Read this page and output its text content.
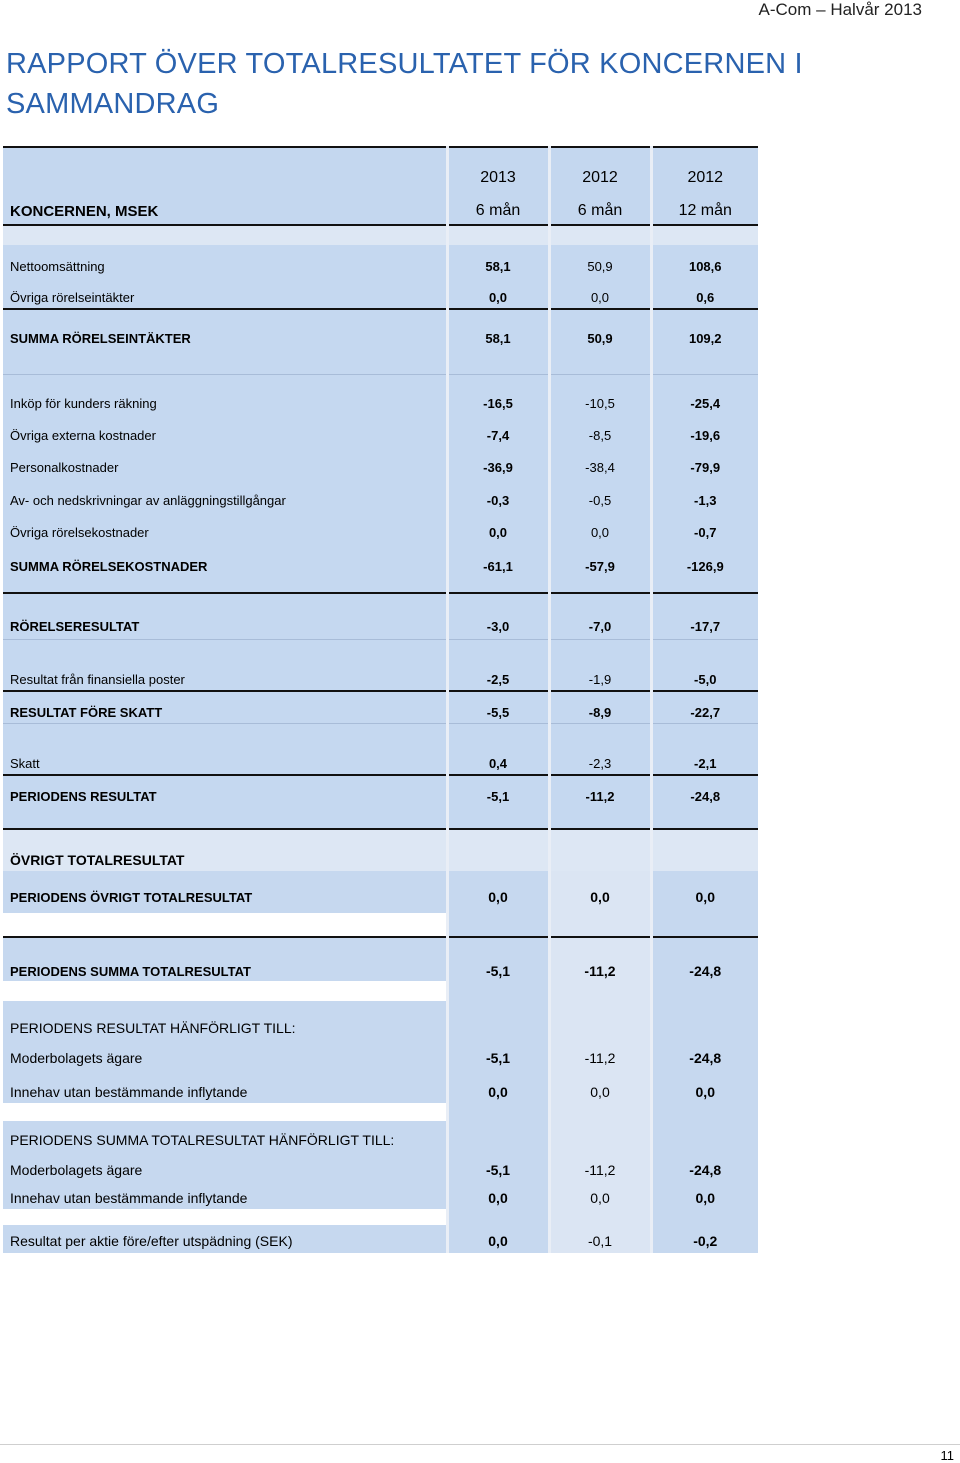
A-Com – Halvår 2013
RAPPORT ÖVER TOTALRESULTATET FÖR KONCERNEN I SAMMANDRAG
	2013	2012	2012
KONCERNEN, MSEK	6 mån	6 mån	12 mån

Nettoomsättning	58,1	50,9	108,6
Övriga rörelseintäkter	0,0	0,0	0,6
SUMMA RÖRELSEINTÄKTER	58,1	50,9	109,2

Inköp för kunders räkning	-16,5	-10,5	-25,4
Övriga externa kostnader	-7,4	-8,5	-19,6
Personalkostnader	-36,9	-38,4	-79,9
Av- och nedskrivningar av anläggningstillgångar	-0,3	-0,5	-1,3
Övriga rörelsekostnader	0,0	0,0	-0,7
SUMMA RÖRELSEKOSTNADER	-61,1	-57,9	-126,9

RÖRELSERESULTAT	-3,0	-7,0	-17,7

Resultat från finansiella poster	-2,5	-1,9	-5,0
RESULTAT FÖRE SKATT	-5,5	-8,9	-22,7

Skatt	0,4	-2,3	-2,1
PERIODENS RESULTAT	-5,1	-11,2	-24,8

ÖVRIGT TOTALRESULTAT			
PERIODENS ÖVRIGT TOTALRESULTAT	0,0	0,0	0,0

PERIODENS SUMMA TOTALRESULTAT	-5,1	-11,2	-24,8

PERIODENS RESULTAT HÄNFÖRLIGT TILL:			
Moderbolagets ägare	-5,1	-11,2	-24,8
Innehav utan bestämmande inflytande	0,0	0,0	0,0

PERIODENS SUMMA TOTALRESULTAT HÄNFÖRLIGT TILL:			
Moderbolagets ägare	-5,1	-11,2	-24,8
Innehav utan bestämmande inflytande	0,0	0,0	0,0

Resultat per aktie före/efter utspädning (SEK)	0,0	-0,1	-0,2
11
